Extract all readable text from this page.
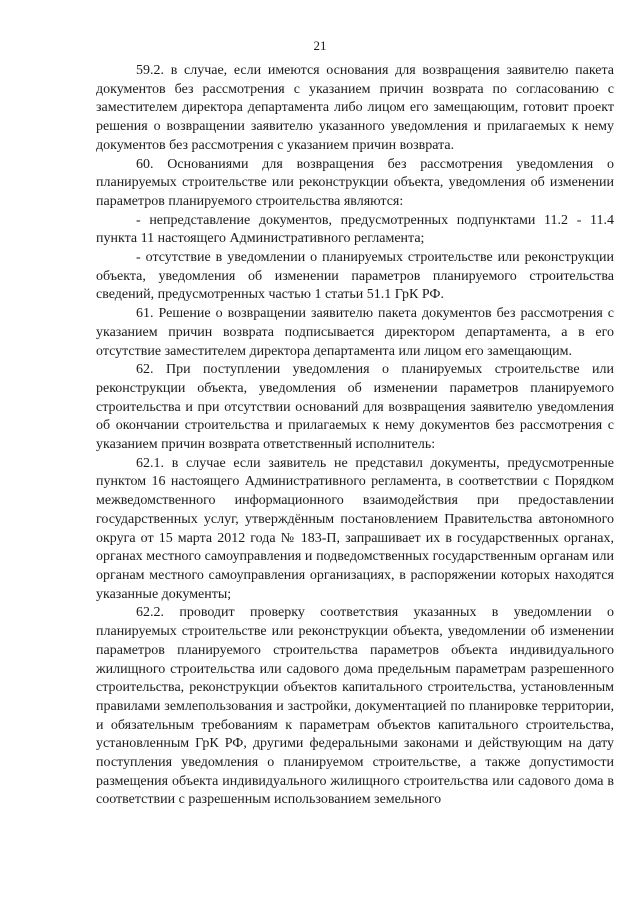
21

59.2. в случае, если имеются основания для возвращения заявителю пакета документов без рассмотрения с указанием причин возврата по согласованию с заместителем директора департамента либо лицом его замещающим, готовит проект решения о возвращении заявителю указанного уведомления и прилагаемых к нему документов без рассмотрения с указанием причин возврата.

60. Основаниями для возвращения без рассмотрения уведомления о планируемых строительстве или реконструкции объекта, уведомления об изменении параметров планируемого строительства являются:

- непредставление документов, предусмотренных подпунктами 11.2 - 11.4 пункта 11 настоящего Административного регламента;

- отсутствие в уведомлении о планируемых строительстве или реконструкции объекта, уведомления об изменении параметров планируемого строительства сведений, предусмотренных частью 1 статьи 51.1 ГрК РФ.

61. Решение о возвращении заявителю пакета документов без рассмотрения с указанием причин возврата подписывается директором департамента, а в его отсутствие заместителем директора департамента или лицом его замещающим.

62. При поступлении уведомления о планируемых строительстве или реконструкции объекта, уведомления об изменении параметров планируемого строительства и при отсутствии оснований для возвращения заявителю уведомления об окончании строительства и прилагаемых к нему документов без рассмотрения с указанием причин возврата ответственный исполнитель:

62.1. в случае если заявитель не представил документы, предусмотренные пунктом 16 настоящего Административного регламента, в соответствии с Порядком межведомственного информационного взаимодействия при предоставлении государственных услуг, утверждённым постановлением Правительства автономного округа от 15 марта 2012 года № 183-П, запрашивает их в государственных органах, органах местного самоуправления и подведомственных государственным органам или органам местного самоуправления организациях, в распоряжении которых находятся указанные документы;

62.2. проводит проверку соответствия указанных в уведомлении о планируемых строительстве или реконструкции объекта, уведомлении об изменении параметров планируемого строительства параметров объекта индивидуального жилищного строительства или садового дома предельным параметрам разрешенного строительства, реконструкции объектов капитального строительства, установленным правилами землепользования и застройки, документацией по планировке территории, и обязательным требованиям к параметрам объектов капитального строительства, установленным ГрК РФ, другими федеральными законами и действующим на дату поступления уведомления о планируемом строительстве, а также допустимости размещения объекта индивидуального жилищного строительства или садового дома в соответствии с разрешенным использованием земельного
